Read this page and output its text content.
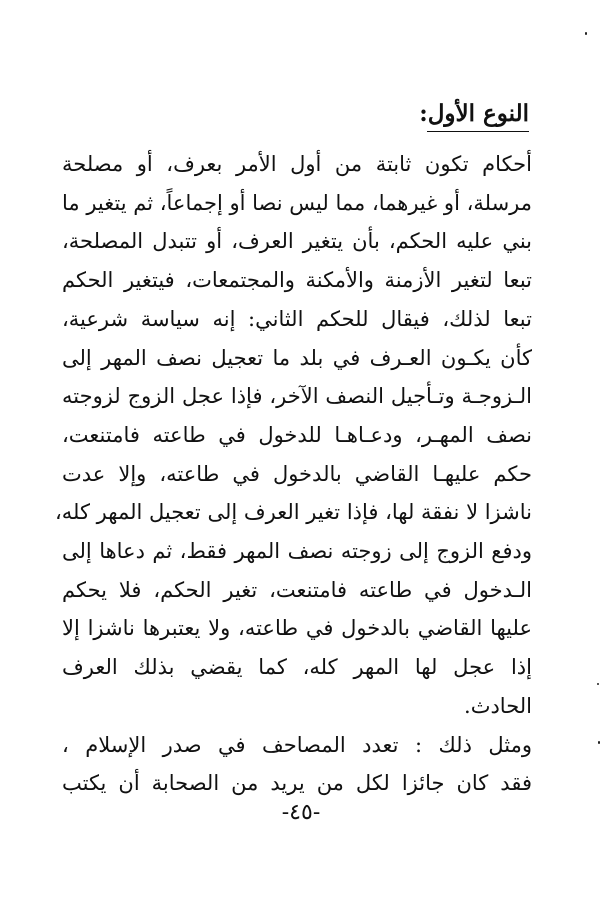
النوع الأول:
أحكام تكون ثابتة من أول الأمر بعرف، أو مصلحة
مرسلة، أو غيرهما، مما ليس نصا أو إجماعاً، ثم يتغير ما
بني عليه الحكم، بأن يتغير العرف، أو تتبدل المصلحة،
تبعا لتغير الأزمنة والأمكنة والمجتمعات، فيتغير الحكم
تبعا لذلك، فيقال للحكم الثاني: إنه سياسة شرعية،
كأن يكـون العـرف في بلد ما تعجيل نصف المهر إلى
الـزوجـة وتـأجيل النصف الآخر، فإذا عجل الزوج لزوجته
نصف المهـر، ودعـاهـا للدخول في طاعته فامتنعت،
حكم عليهـا القاضي بالدخول في طاعته، وإلا عدت
ناشزا لا نفقة لها، فإذا تغير العرف إلى تعجيل المهر كله،
ودفع الزوج إلى زوجته نصف المهر فقط، ثم دعاها إلى
الـدخول في طاعته فامتنعت، تغير الحكم، فلا يحكم
عليها القاضي بالدخول في طاعته، ولا يعتبرها ناشزا إلا
إذا عجل لها المهر كله، كما يقضي بذلك العرف
الحادث.
ومثل ذلك : تعدد المصاحف في صدر الإسلام ،
فقد كان جائزا لكل من يريد من الصحابة أن يكتب
-٤٥-
